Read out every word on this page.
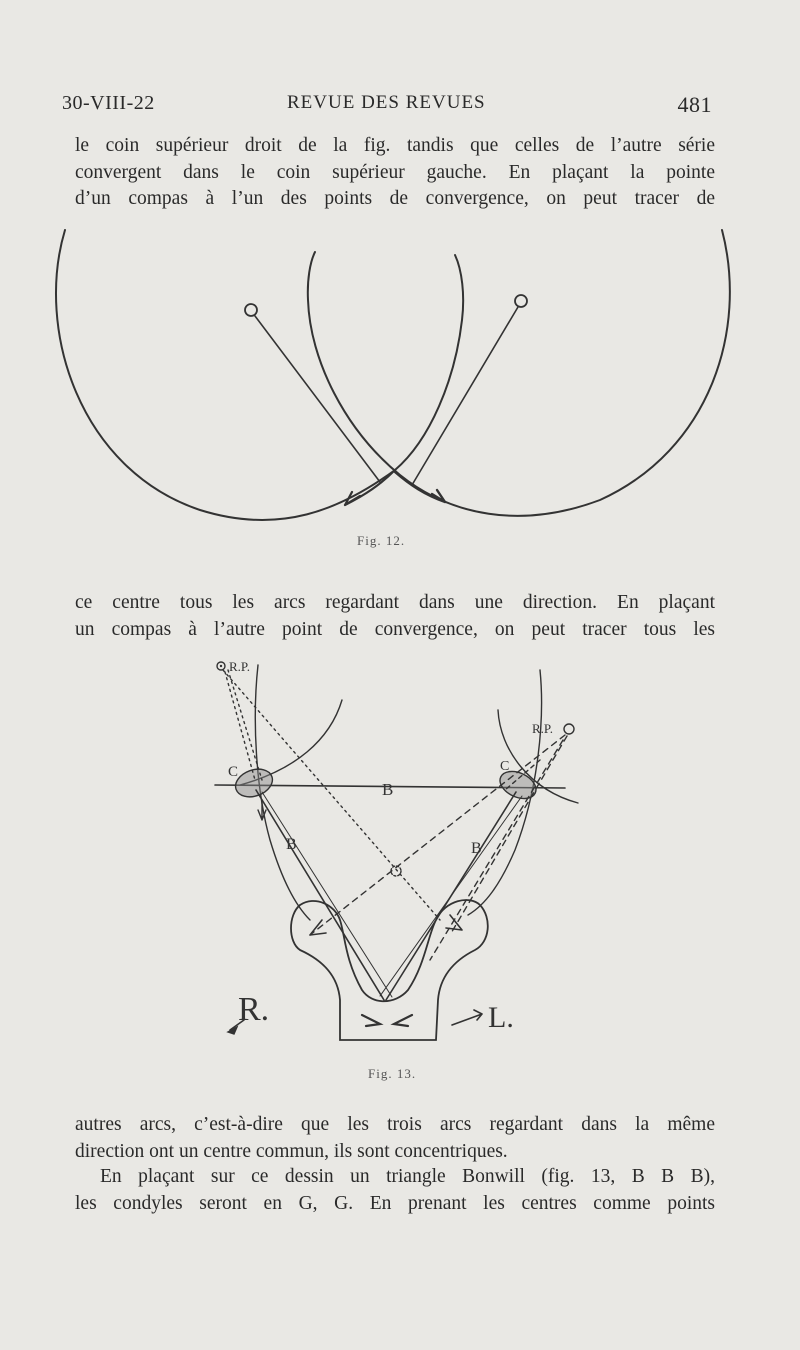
30-VIII-22	REVUE DES REVUES	481
le coin supérieur droit de la fig. tandis que celles de l’autre série
convergent dans le coin supérieur gauche. En plaçant la pointe
d’un compas à l’un des points de convergence, on peut tracer de
R.P.
R.P.
C	C
B
B	B
R.	L.
Fig. 12.
ce centre tous les arcs regardant dans une direction. En plaçant
un compas à l’autre point de convergence, on peut tracer tous les
Fig. 13.
autres arcs, c’est-à-dire que les trois arcs regardant dans la même
direction ont un centre commun, ils sont concentriques.
En plaçant sur ce dessin un triangle Bonwill (fig. 13, B B B),
les condyles seront en G, G. En prenant les centres comme points
